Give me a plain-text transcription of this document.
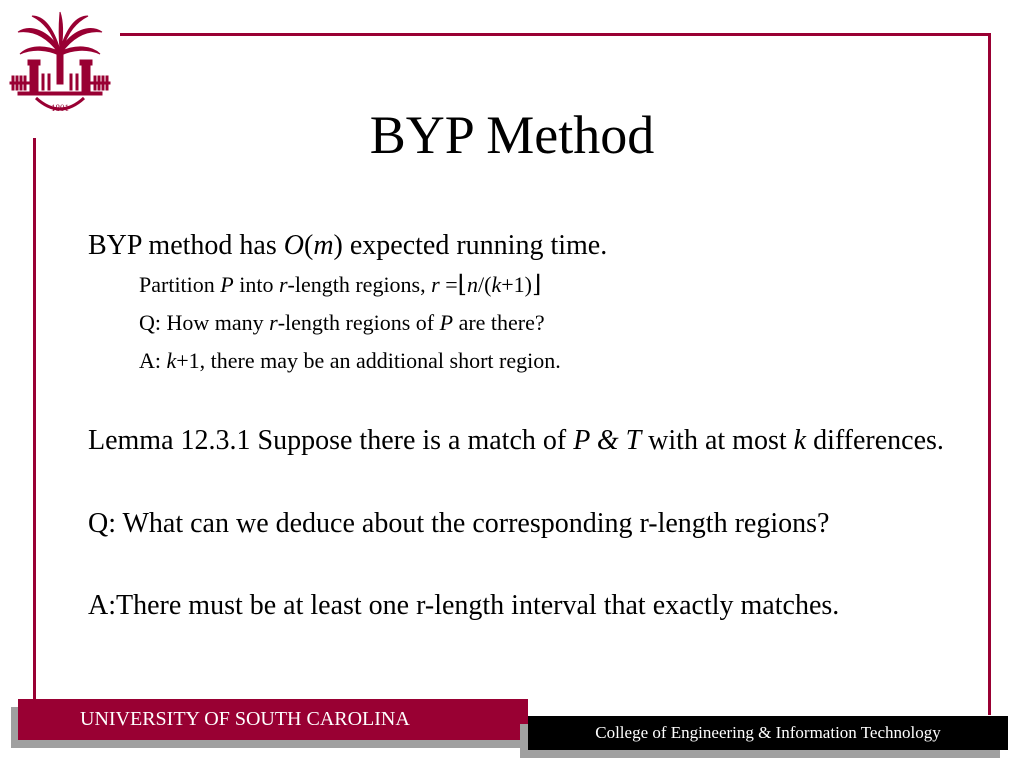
1801	BYP Method
BYP method has O(m) expected running time.
Partition P into r-length regions, r =⌊n/(k+1)⌋
Q: How many r-length regions of P are there?
A: k+1, there may be an additional short region.
Lemma 12.3.1 Suppose there is a match of P & T with at most k differences.
Q: What can we deduce about the corresponding r-length regions?
A:There must be at least one r-length interval that exactly matches.
UNIVERSITY OF SOUTH CAROLINA
College of Engineering & Information Technology
